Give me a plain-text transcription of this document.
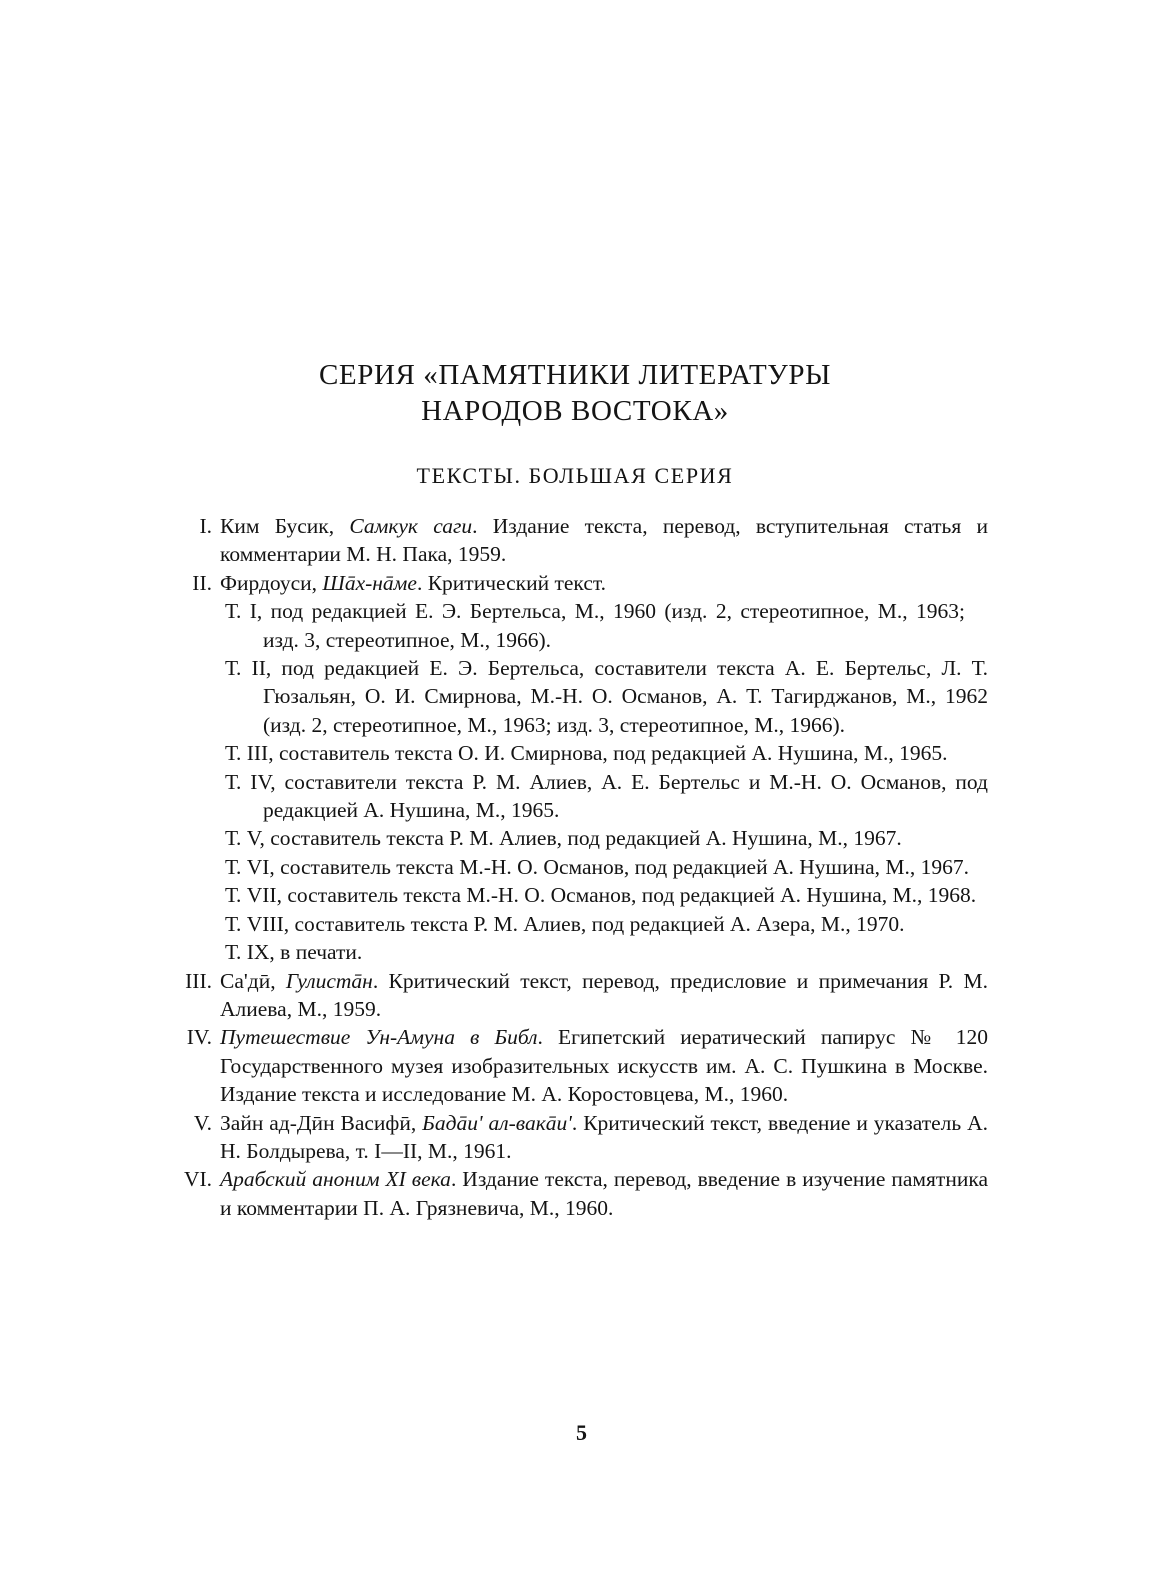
СЕРИЯ «ПАМЯТНИКИ ЛИТЕРАТУРЫ
НАРОДОВ ВОСТОКА»
ТЕКСТЫ. БОЛЬШАЯ СЕРИЯ
I. Ким Бусик, Самкук саги. Издание текста, перевод, вступительная статья и комментарии М. Н. Пака, 1959.
II. Фирдоуси, Шāх-нāме. Критический текст.
Т. I, под редакцией Е. Э. Бертельса, М., 1960 (изд. 2, стереотипное, М., 1963; изд. 3, стереотипное, М., 1966).
Т. II, под редакцией Е. Э. Бертельса, составители текста А. Е. Бертельс, Л. Т. Гюзальян, О. И. Смирнова, М.-Н. О. Османов, А. Т. Тагирджанов, М., 1962 (изд. 2, стереотипное, М., 1963; изд. 3, стереотипное, М., 1966).
Т. III, составитель текста О. И. Смирнова, под редакцией А. Нушина, М., 1965.
Т. IV, составители текста Р. М. Алиев, А. Е. Бертельс и М.-Н. О. Османов, под редакцией А. Нушина, М., 1965.
Т. V, составитель текста Р. М. Алиев, под редакцией А. Нушина, М., 1967.
Т. VI, составитель текста М.-Н. О. Османов, под редакцией А. Нушина, М., 1967.
Т. VII, составитель текста М.-Н. О. Османов, под редакцией А. Нушина, М., 1968.
Т. VIII, составитель текста Р. М. Алиев, под редакцией А. Азера, М., 1970.
Т. IX, в печати.
III. Са'дӣ, Гулистāн. Критический текст, перевод, предисловие и примечания Р. М. Алиева, М., 1959.
IV. Путешествие Ун-Амуна в Библ. Египетский иератический папирус № 120 Государственного музея изобразительных искусств им. А. С. Пушкина в Москве. Издание текста и исследование М. А. Коростовцева, М., 1960.
V. Зайн ад-Дӣн Васифӣ, Бадāи' ал-вакāи'. Критический текст, введение и указатель А. Н. Болдырева, т. I—II, М., 1961.
VI. Арабский аноним XI века. Издание текста, перевод, введение в изучение памятника и комментарии П. А. Грязневича, М., 1960.
5
